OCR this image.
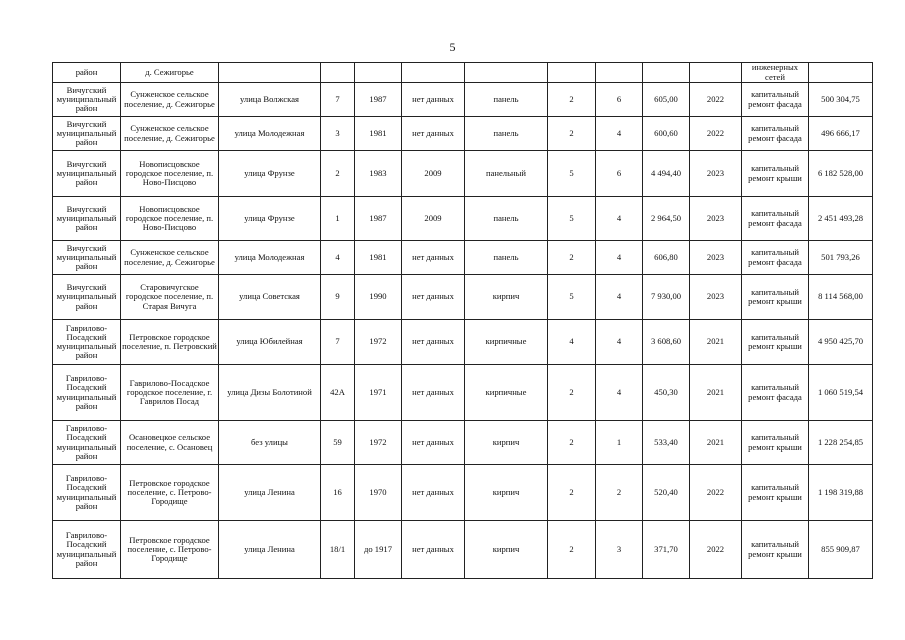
5
район	д. Сежигорье										инженерных сетей	
Вичугский муниципальный район	Сунженское сельское поселение, д. Сежигорье	улица Волжская	7	1987	нет данных	панель	2	6	605,00	2022	капитальный ремонт фасада	500 304,75
Вичугский муниципальный район	Сунженское сельское поселение, д. Сежигорье	улица Молодежная	3	1981	нет данных	панель	2	4	600,60	2022	капитальный ремонт фасада	496 666,17
Вичугский муниципальный район	Новописцовское городское поселение, п. Ново-Писцово	улица Фрунзе	2	1983	2009	панельный	5	6	4 494,40	2023	капитальный ремонт крыши	6 182 528,00
Вичугский муниципальный район	Новописцовское городское поселение, п. Ново-Писцово	улица Фрунзе	1	1987	2009	панель	5	4	2 964,50	2023	капитальный ремонт фасада	2 451 493,28
Вичугский муниципальный район	Сунженское сельское поселение, д. Сежигорье	улица Молодежная	4	1981	нет данных	панель	2	4	606,80	2023	капитальный ремонт фасада	501 793,26
Вичугский муниципальный район	Старовичугское городское поселение, п. Старая Вичуга	улица Советская	9	1990	нет данных	кирпич	5	4	7 930,00	2023	капитальный ремонт крыши	8 114 568,00
Гаврилово-Посадский муниципальный район	Петровское городское поселение, п. Петровский	улица Юбилейная	7	1972	нет данных	кирпичные	4	4	3 608,60	2021	капитальный ремонт крыши	4 950 425,70
Гаврилово-Посадский муниципальный район	Гаврилово-Посадское городское поселение, г. Гаврилов Посад	улица Дизы Болотиной	42А	1971	нет данных	кирпичные	2	4	450,30	2021	капитальный ремонт фасада	1 060 519,54
Гаврилово-Посадский муниципальный район	Осановецкое сельское поселение, с. Осановец	без улицы	59	1972	нет данных	кирпич	2	1	533,40	2021	капитальный ремонт крыши	1 228 254,85
Гаврилово-Посадский муниципальный район	Петровское городское поселение, с. Петрово-Городище	улица Ленина	16	1970	нет данных	кирпич	2	2	520,40	2022	капитальный ремонт крыши	1 198 319,88
Гаврилово-Посадский муниципальный район	Петровское городское поселение, с. Петрово-Городище	улица Ленина	18/1	до 1917	нет данных	кирпич	2	3	371,70	2022	капитальный ремонт крыши	855 909,87
